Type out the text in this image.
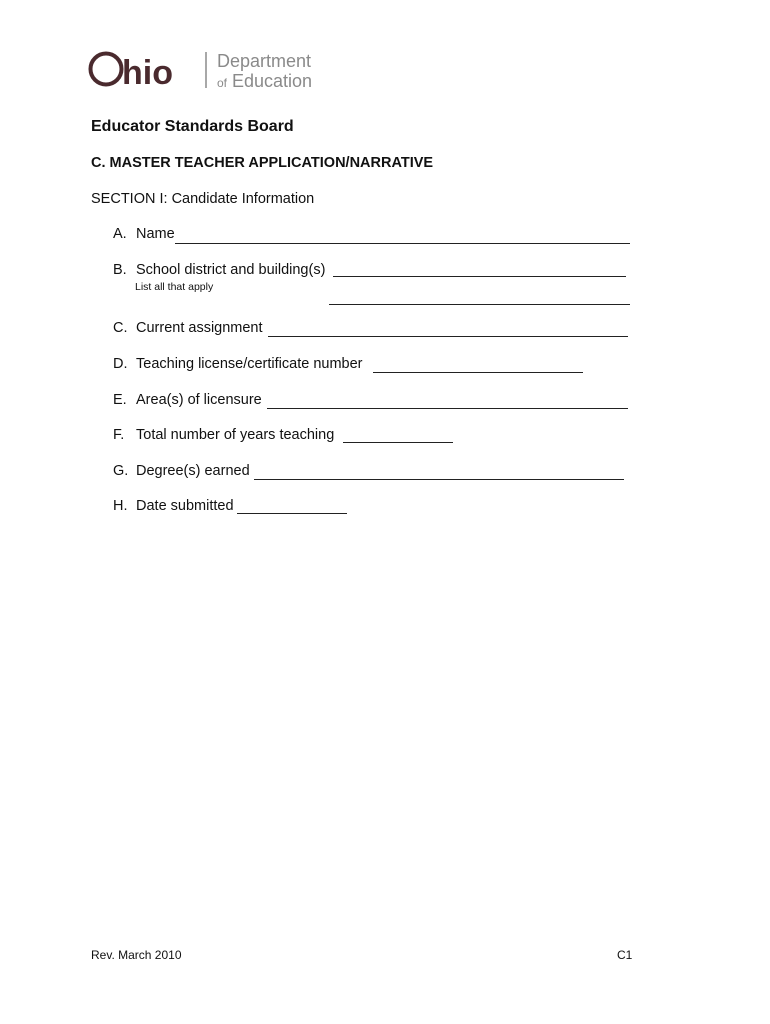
hio Department
of Education
Educator Standards Board
C. MASTER TEACHER APPLICATION/NARRATIVE
SECTION I: Candidate Information
A. Name
B. School district and building(s)
List all that apply
C. Current assignment
D. Teaching license/certificate number
E. Area(s) of licensure
F. Total number of years teaching
G. Degree(s) earned
H. Date submitted
Rev. March 2010	C1
